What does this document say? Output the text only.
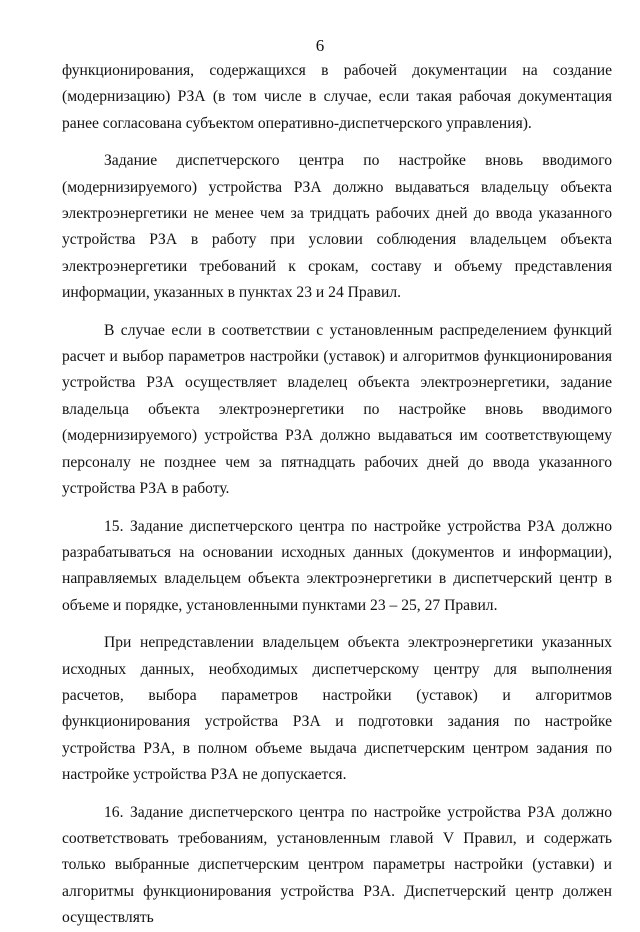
6

функционирования, содержащихся в рабочей документации на создание (модернизацию) РЗА (в том числе в случае, если такая рабочая документация ранее согласована субъектом оперативно-диспетчерского управления).

Задание диспетчерского центра по настройке вновь вводимого (модернизируемого) устройства РЗА должно выдаваться владельцу объекта электроэнергетики не менее чем за тридцать рабочих дней до ввода указанного устройства РЗА в работу при условии соблюдения владельцем объекта электроэнергетики требований к срокам, составу и объему представления информации, указанных в пунктах 23 и 24 Правил.

В случае если в соответствии с установленным распределением функций расчет и выбор параметров настройки (уставок) и алгоритмов функционирования устройства РЗА осуществляет владелец объекта электроэнергетики, задание владельца объекта электроэнергетики по настройке вновь вводимого (модернизируемого) устройства РЗА должно выдаваться им соответствующему персоналу не позднее чем за пятнадцать рабочих дней до ввода указанного устройства РЗА в работу.

15. Задание диспетчерского центра по настройке устройства РЗА должно разрабатываться на основании исходных данных (документов и информации), направляемых владельцем объекта электроэнергетики в диспетчерский центр в объеме и порядке, установленными пунктами 23 – 25, 27 Правил.

При непредставлении владельцем объекта электроэнергетики указанных исходных данных, необходимых диспетчерскому центру для выполнения расчетов, выбора параметров настройки (уставок) и алгоритмов функционирования устройства РЗА и подготовки задания по настройке устройства РЗА, в полном объеме выдача диспетчерским центром задания по настройке устройства РЗА не допускается.

16. Задание диспетчерского центра по настройке устройства РЗА должно соответствовать требованиям, установленным главой V Правил, и содержать только выбранные диспетчерским центром параметры настройки (уставки) и алгоритмы функционирования устройства РЗА. Диспетчерский центр должен осуществлять
